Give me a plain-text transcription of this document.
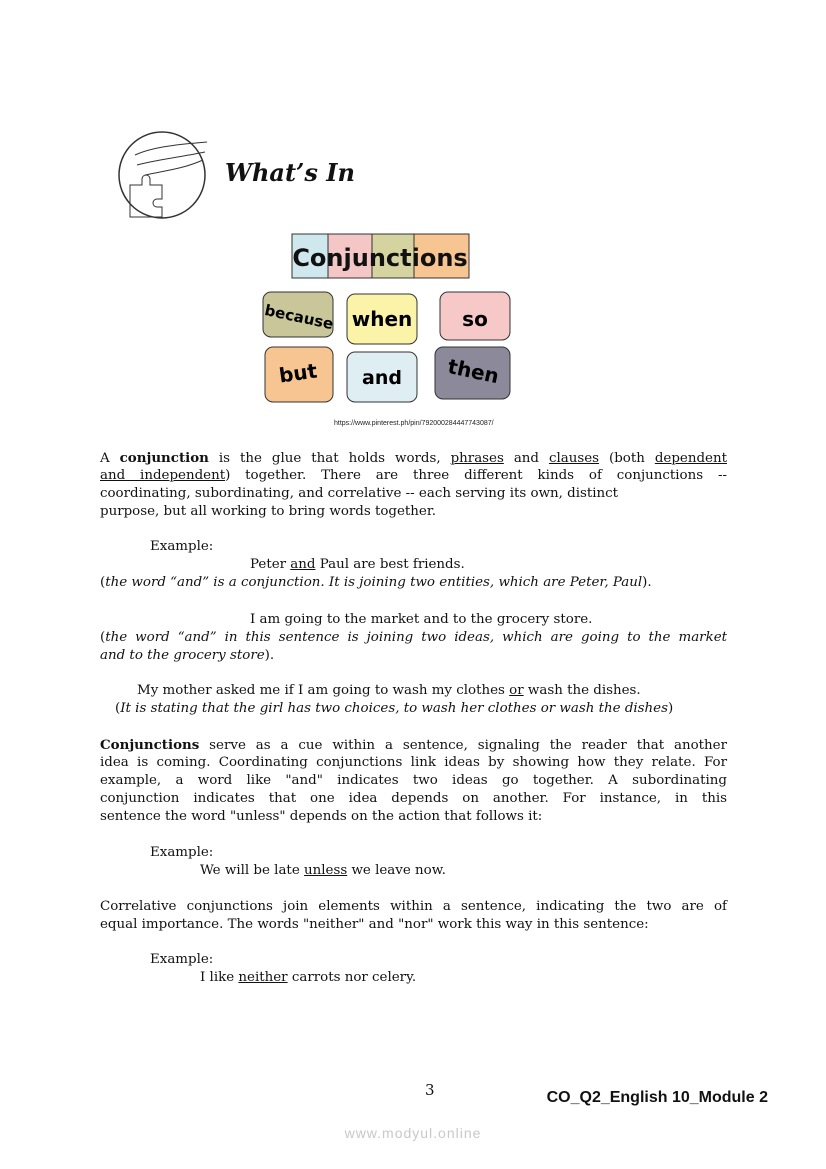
What’s In
Conjunctions
because when so
but and then
https://www.pinterest.ph/pin/792000284447743087/
A conjunction is the glue that holds words, phrases and clauses (both dependent
and independent) together. There are three different kinds of conjunctions --
coordinating, subordinating, and correlative -- each serving its own, distinct
purpose, but all working to bring words together.
Example:
Peter and Paul are best friends.
(the word “and” is a conjunction. It is joining two entities, which are Peter, Paul).
I am going to the market and to the grocery store.
(the word “and” in this sentence is joining two ideas, which are going to the market
and to the grocery store).
My mother asked me if I am going to wash my clothes or wash the dishes.
(It is stating that the girl has two choices, to wash her clothes or wash the dishes)
Conjunctions serve as a cue within a sentence, signaling the reader that another
idea is coming. Coordinating conjunctions link ideas by showing how they relate. For
example, a word like "and" indicates two ideas go together. A subordinating
conjunction indicates that one idea depends on another. For instance, in this
sentence the word "unless" depends on the action that follows it:
Example:
We will be late unless we leave now.
Correlative conjunctions join elements within a sentence, indicating the two are of
equal importance. The words "neither" and "nor" work this way in this sentence:
Example:
I like neither carrots nor celery.
3	CO_Q2_English 10_Module 2
www.modyul.online
